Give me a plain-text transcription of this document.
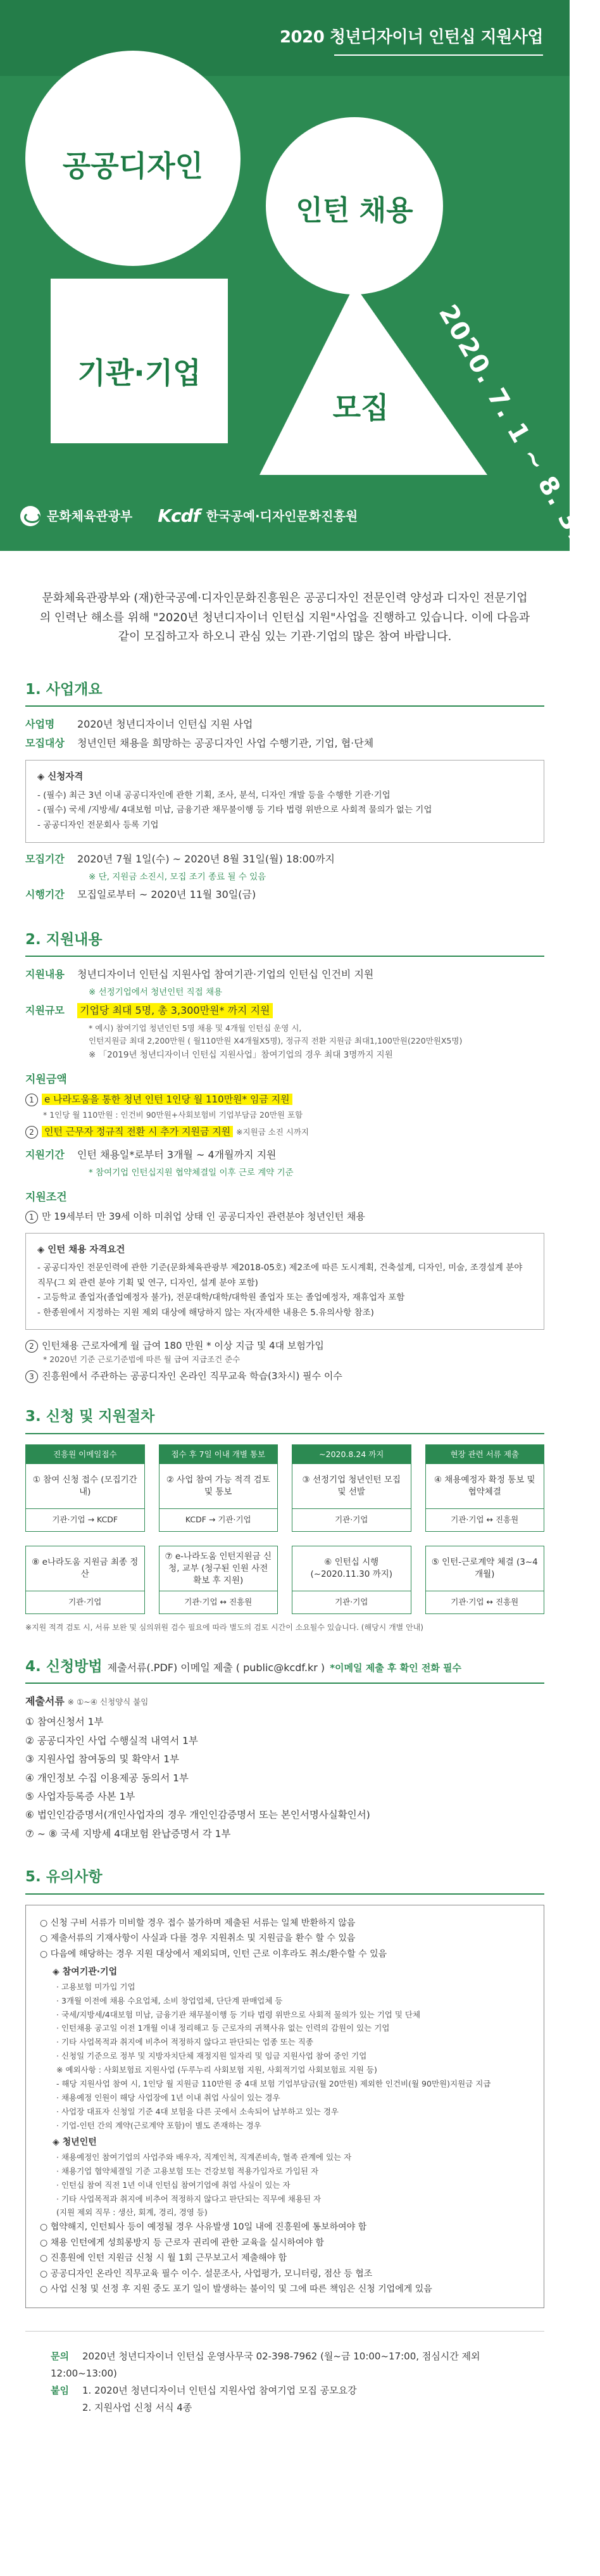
2020 청년디자이너 인턴십 지원사업
공공디자인
인턴 채용
기관·기업
모집	2020. 7. 1 ~ 8. 31
문화체육관광부 Kcdf 한국공예·디자인문화진흥원
문화체육관광부와 (재)한국공예·디자인문화진흥원은 공공디자인 전문인력 양성과 디자인 전문기업의 인력난 해소를 위해 "2020년 청년디자이너 인턴십 지원"사업을 진행하고 있습니다. 이에 다음과 같이 모집하고자 하오니 관심 있는 기관·기업의 많은 참여 바랍니다.
1. 사업개요
사업명	2020년 청년디자이너 인턴십 지원 사업
모집대상	청년인턴 채용을 희망하는 공공디자인 사업 수행기관, 기업, 협·단체
◈ 신청자격
- (필수) 최근 3년 이내 공공디자인에 관한 기획, 조사, 분석, 디자인 개발 등을 수행한 기관·기업
- (필수) 국세 /지방세/ 4대보험 미납, 금융기관 채무불이행 등 기타 법령 위반으로 사회적 물의가 없는 기업
- 공공디자인 전문회사 등록 기업
모집기간	2020년 7월 1일(수) ~ 2020년 8월 31일(월) 18:00까지
※ 단, 지원금 소진시, 모집 조기 종료 될 수 있음
시행기간	모집일로부터 ~ 2020년 11월 30일(금)
2. 지원내용
지원내용	청년디자이너 인턴십 지원사업 참여기관·기업의 인턴십 인건비 지원
※ 선정기업에서 청년인턴 직접 채용
지원규모	기업당 최대 5명, 총 3,300만원* 까지 지원
* 예시) 참여기업 청년인턴 5명 채용 및 4개월 인턴십 운영 시,
인턴지원금 최대 2,200만원 ( 월110만원 X4개월X5명), 정규직 전환 지원금 최대1,100만원(220만원X5명)
※ 「2019년 청년디자이너 인턴십 지원사업」참여기업의 경우 최대 3명까지 지원
지원금액
1 e 나라도움을 통한 청년 인턴 1인당 월 110만원* 임금 지원
* 1인당 월 110만원 : 인건비 90만원+사회보험비 기업부담금 20만원 포함
2 인턴 근무자 정규직 전환 시 추가 지원금 지원 ※지원금 소진 시까지
지원기간	인턴 채용일*로부터 3개월 ~ 4개월까지 지원
* 참여기업 인턴십지원 협약체결일 이후 근로 계약 기준
지원조건
1 만 19세부터 만 39세 이하 미취업 상태 인 공공디자인 관련분야 청년인턴 채용
◈ 인턴 채용 자격요건
- 공공디자인 전문인력에 관한 기준(문화체육관광부 제2018-05호) 제2조에 따른 도시계획, 건축설계, 디자인, 미술, 조경설계 분야 직무(그 외 관련 분야 기획 및 연구, 디자인, 설계 분야 포함)
- 고등학교 졸업자(졸업예정자 불가), 전문대학/대학/대학원 졸업자 또는 졸업예정자, 재휴업자 포함
- 한종원에서 지정하는 지원 제외 대상에 해당하지 않는 자(자세한 내용은 5.유의사항 참조)
2 인턴채용 근로자에게 월 급여 180 만원 * 이상 지급 및 4대 보험가입
* 2020년 기준 근로기준법에 따른 월 급여 지급조건 준수
3 진흥원에서 주관하는 공공디자인 온라인 직무교육 학습(3차시) 필수 이수
3. 신청 및 지원절차
진흥원 이메일접수
① 참여 신청 접수 (모집기간 내)
기관·기업 → KCDF
접수 후 7일 이내 개별 통보
② 사업 참여 가능 적격 검토 및 통보
KCDF → 기관·기업
~2020.8.24 까지
③ 선정기업 청년인턴 모집 및 선발
기관·기업
현장 관련 서류 제출
④ 채용예정자 확정 통보 및 협약체결
기관·기업 ↔ 진흥원
⑧ e나라도움 지원금 최종 정산
기관·기업
⑦ e-나라도움 인턴지원금 신청, 교부 (청구된 인원 사전 확보 후 지원)
기관·기업 ↔ 진흥원
⑥ 인턴십 시행 (~2020.11.30 까지)
기관·기업
⑤ 인턴-근로계약 체결 (3~4개월)
기관·기업 ↔ 진흥원
※지원 적격 검토 시, 서류 보완 및 심의위원 검수 필요에 따라 별도의 검토 시간이 소요될수 있습니다. (해당시 개별 안내)
4. 신청방법 제출서류(.PDF) 이메일 제출 ( public@kcdf.kr ) *이메일 제출 후 확인 전화 필수
제출서류 ※ ①~④ 신청양식 붙임
① 참여신청서 1부
② 공공디자인 사업 수행실적 내역서 1부
③ 지원사업 참여동의 및 확약서 1부
④ 개인정보 수집 이용제공 동의서 1부
⑤ 사업자등록증 사본 1부
⑥ 법인인감증명서(개인사업자의 경우 개인인감증명서 또는 본인서명사실확인서)
⑦ ~ ⑧ 국세 지방세 4대보험 완납증명서 각 1부
5. 유의사항
○ 신청 구비 서류가 미비할 경우 접수 불가하며 제출된 서류는 일체 반환하지 않음
○ 제출서류의 기재사항이 사실과 다를 경우 지원취소 및 지원금을 환수 할 수 있음
○ 다음에 해당하는 경우 지원 대상에서 제외되며, 인턴 근로 이후라도 취소/환수할 수 있음
◈ 참여기관·기업
· 고용보험 미가입 기업
· 3개월 이전에 채용 수요업체, 소비 창업업체, 단단계 판매업체 등
· 국세/지방세/4대보험 미납, 금융기관 채무불이행 등 기타 법령 위반으로 사회적 물의가 있는 기업 및 단체
· 인턴채용 공고일 이전 1개월 이내 정리해고 등 근로자의 귀책사유 없는 인력의 감원이 있는 기업
· 기타 사업목적과 취지에 비추어 적정하지 않다고 판단되는 업종 또는 직종
· 신청일 기준으로 정부 및 지방자치단체 재정지원 일자리 및 임금 지원사업 참여 중인 기업
※ 예외사항 : 사회보험료 지원사업 (두루누리 사회보험 지원, 사회적기업 사회보험료 지원 등)
- 해당 지원사업 참여 시, 1인당 월 지원금 110만원 중 4대 보험 기업부담금(월 20만원) 제외한 인건비(월 90만원)지원금 지급
· 채용예정 인원이 해당 사업장에 1년 이내 취업 사실이 있는 경우
· 사업장 대표자 신청일 기준 4대 보험을 다른 곳에서 소속되어 납부하고 있는 경우
· 기업-인턴 간의 계약(근로계약 포함)이 별도 존재하는 경우
◈ 청년인턴
· 채용예정인 참여기업의 사업주와 배우자, 직계인척, 직계존비속, 혈족 관계에 있는 자
· 채용기업 협약체결일 기준 고용보험 또는 건강보험 적용가입자로 가입된 자
· 인턴십 참여 직전 1년 이내 인턴십 참여기업에 취업 사실이 있는 자
· 기타 사업목적과 취지에 비추어 적정하지 않다고 판단되는 직무에 채용된 자
(지원 제외 직무 : 생산, 회계, 경리, 경영 등)
○ 협약해지, 인턴퇴사 등이 예정될 경우 사유발생 10일 내에 진흥원에 통보하여야 함
○ 채용 인턴에게 성희롱방지 등 근로자 권리에 관한 교육을 실시하여야 함
○ 진흥원에 인턴 지원금 신청 시 월 1회 근무보고서 제출해야 함
○ 공공디자인 온라인 직무교육 필수 이수. 설문조사, 사업평가, 모니터링, 점산 등 협조
○ 사업 신청 및 선정 후 지원 중도 포기 일이 발생하는 불이익 및 그에 따른 책임은 신청 기업에게 있음
문의 2020년 청년디자이너 인턴십 운영사무국 02-398-7962 (월~금 10:00~17:00, 점심시간 제외 12:00~13:00)
붙임 1. 2020년 청년디자이너 인턴십 지원사업 참여기업 모집 공모요강
2. 지원사업 신청 서식 4종
